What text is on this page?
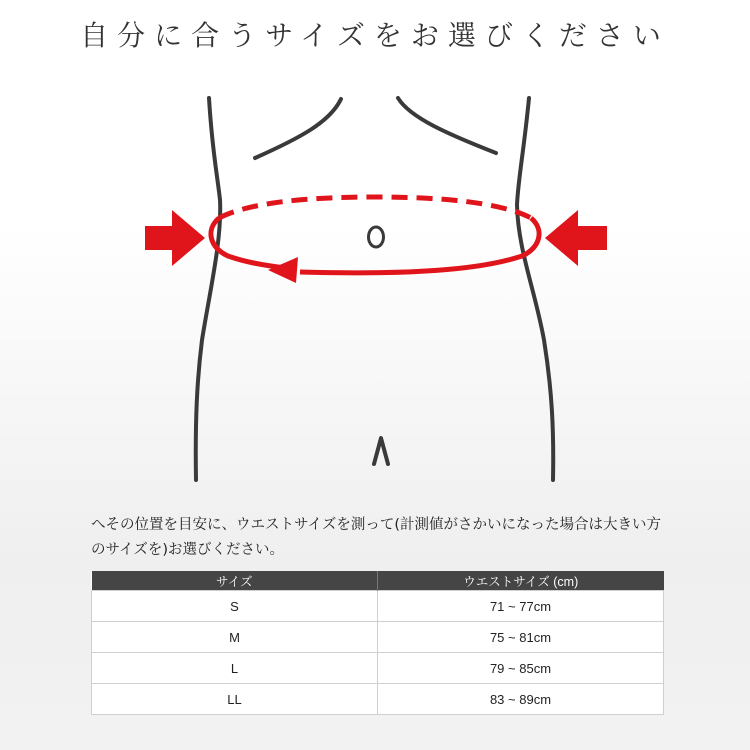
自分に合うサイズをお選びください
へその位置を目安に、ウエストサイズを測って(計測値がさかいになった場合は大きい方のサイズを)お選びください。
サイズ	ウエストサイズ (cm)
S	71 ~ 77cm
M	75 ~ 81cm
L	79 ~ 85cm
LL	83 ~ 89cm
